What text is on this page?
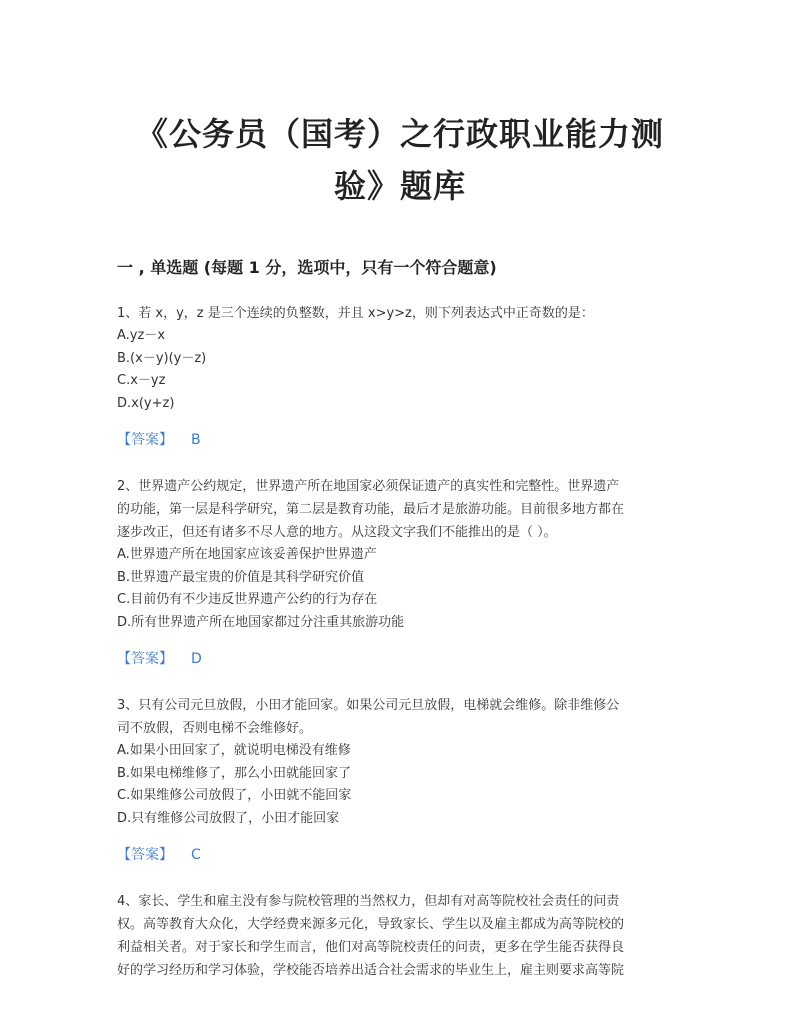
《公务员（国考）之行政职业能力测
验》题库
一 , 单选题 (每题 1 分，选项中，只有一个符合题意)

1、若 x，y，z 是三个连续的负整数，并且 x>y>z，则下列表达式中正奇数的是：

A.yz－x

B.(x－y)(y－z)

C.x－yz

D.x(y+z)

【答案】 B

2、世界遗产公约规定，世界遗产所在地国家必须保证遗产的真实性和完整性。世界遗产
的功能，第一层是科学研究，第二层是教育功能，最后才是旅游功能。目前很多地方都在
逐步改正，但还有诸多不尽人意的地方。从这段文字我们不能推出的是（ ）。

A.世界遗产所在地国家应该妥善保护世界遗产

B.世界遗产最宝贵的价值是其科学研究价值

C.目前仍有不少违反世界遗产公约的行为存在

D.所有世界遗产所在地国家都过分注重其旅游功能

【答案】 D

3、只有公司元旦放假，小田才能回家。如果公司元旦放假，电梯就会维修。除非维修公
司不放假，否则电梯不会维修好。

A.如果小田回家了，就说明电梯没有维修

B.如果电梯维修了，那么小田就能回家了

C.如果维修公司放假了，小田就不能回家

D.只有维修公司放假了，小田才能回家

【答案】 C

4、家长、学生和雇主没有参与院校管理的当然权力，但却有对高等院校社会责任的问责
权。高等教育大众化，大学经费来源多元化，导致家长、学生以及雇主都成为高等院校的
利益相关者。对于家长和学生而言，他们对高等院校责任的问责，更多在学生能否获得良
好的学习经历和学习体验，学校能否培养出适合社会需求的毕业生上，雇主则要求高等院
